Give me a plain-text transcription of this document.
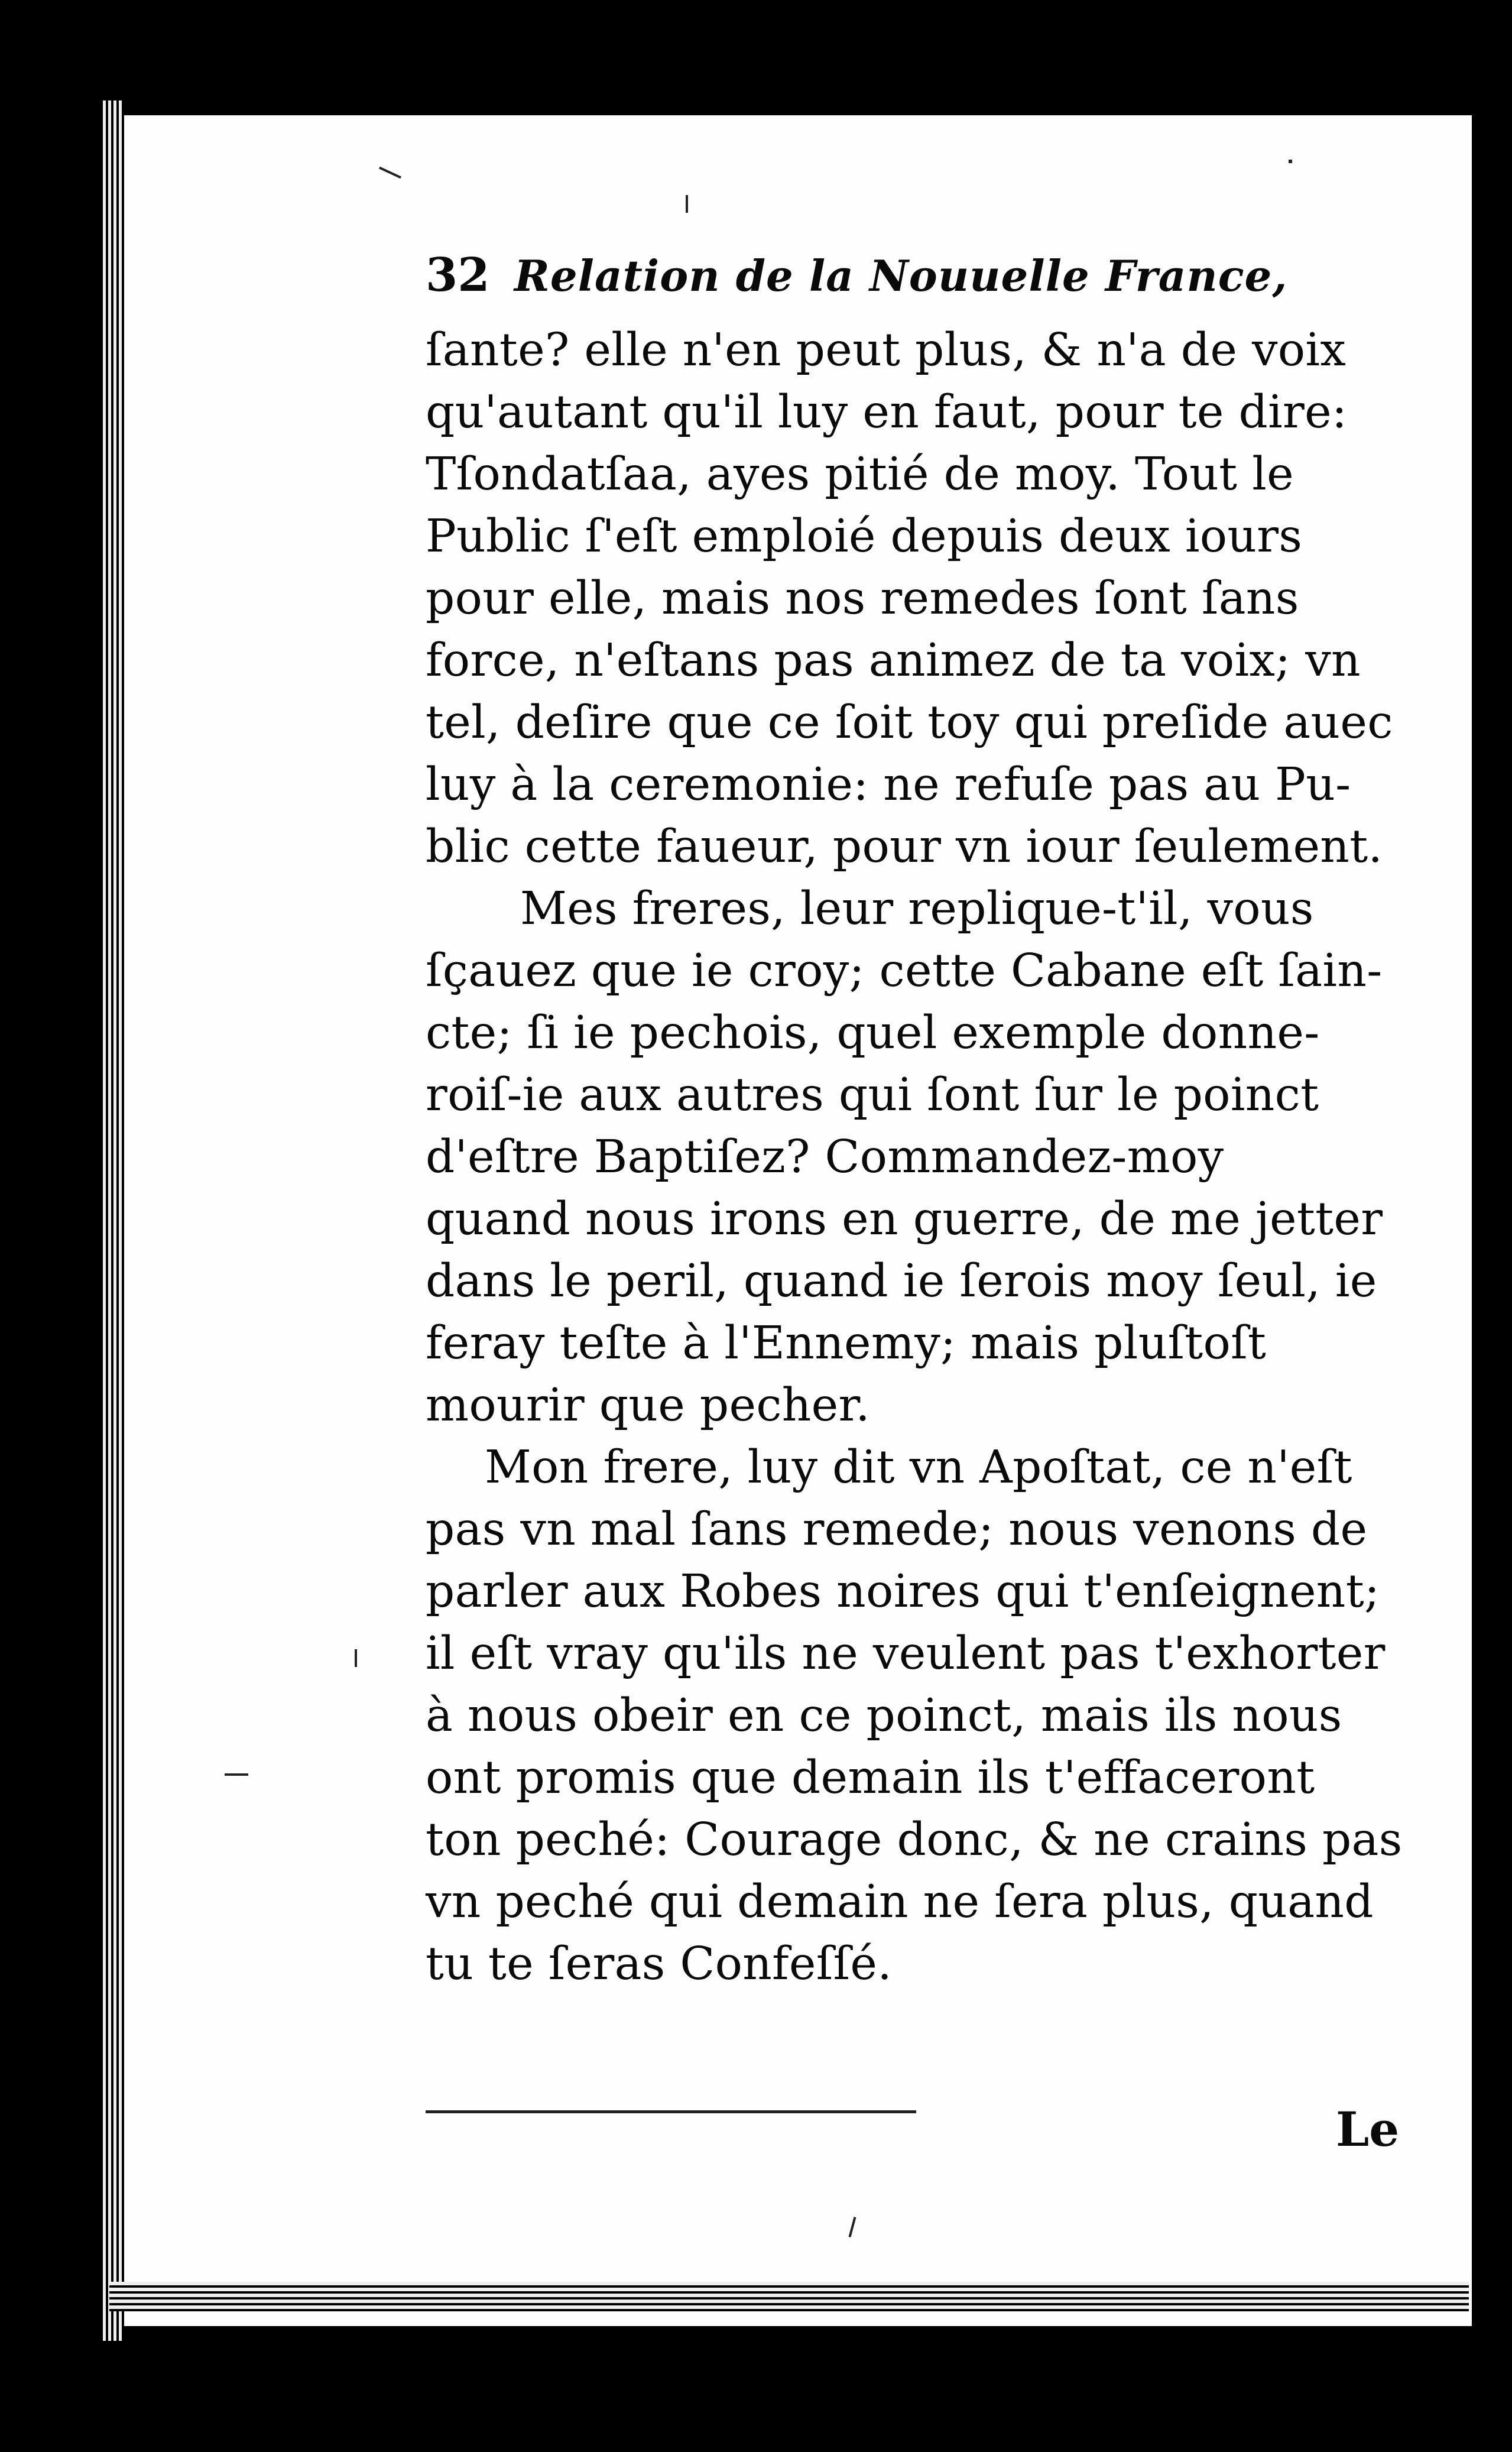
32 Relation de la Nouuelle France,
ſante? elle n'en peut plus, & n'a de voix
qu'autant qu'il luy en faut, pour te dire:
Tſondatſaa, ayes pitié de moy. Tout le
Public ſ'eſt emploié depuis deux iours
pour elle, mais nos remedes ſont ſans
force, n'eſtans pas animez de ta voix; vn
tel, deſire que ce ſoit toy qui preſide auec
luy à la ceremonie: ne refuſe pas au Pu-
blic cette faueur, pour vn iour ſeulement.
Mes freres, leur replique-t'il, vous
ſçauez que ie croy; cette Cabane eſt ſain-
cte; ſi ie pechois, quel exemple donne-
roiſ-ie aux autres qui ſont ſur le poinct
d'eſtre Baptiſez? Commandez-moy
quand nous irons en guerre, de me jetter
dans le peril, quand ie ſerois moy ſeul, ie
feray teſte à l'Ennemy; mais pluſtoſt
mourir que pecher.
Mon frere, luy dit vn Apoſtat, ce n'eſt
pas vn mal ſans remede; nous venons de
parler aux Robes noires qui t'enſeignent;
il eſt vray qu'ils ne veulent pas t'exhorter
à nous obeir en ce poinct, mais ils nous
ont promis que demain ils t'effaceront
ton peché: Courage donc, & ne crains pas
vn peché qui demain ne ſera plus, quand
tu te ſeras Confeſſé.
Le
